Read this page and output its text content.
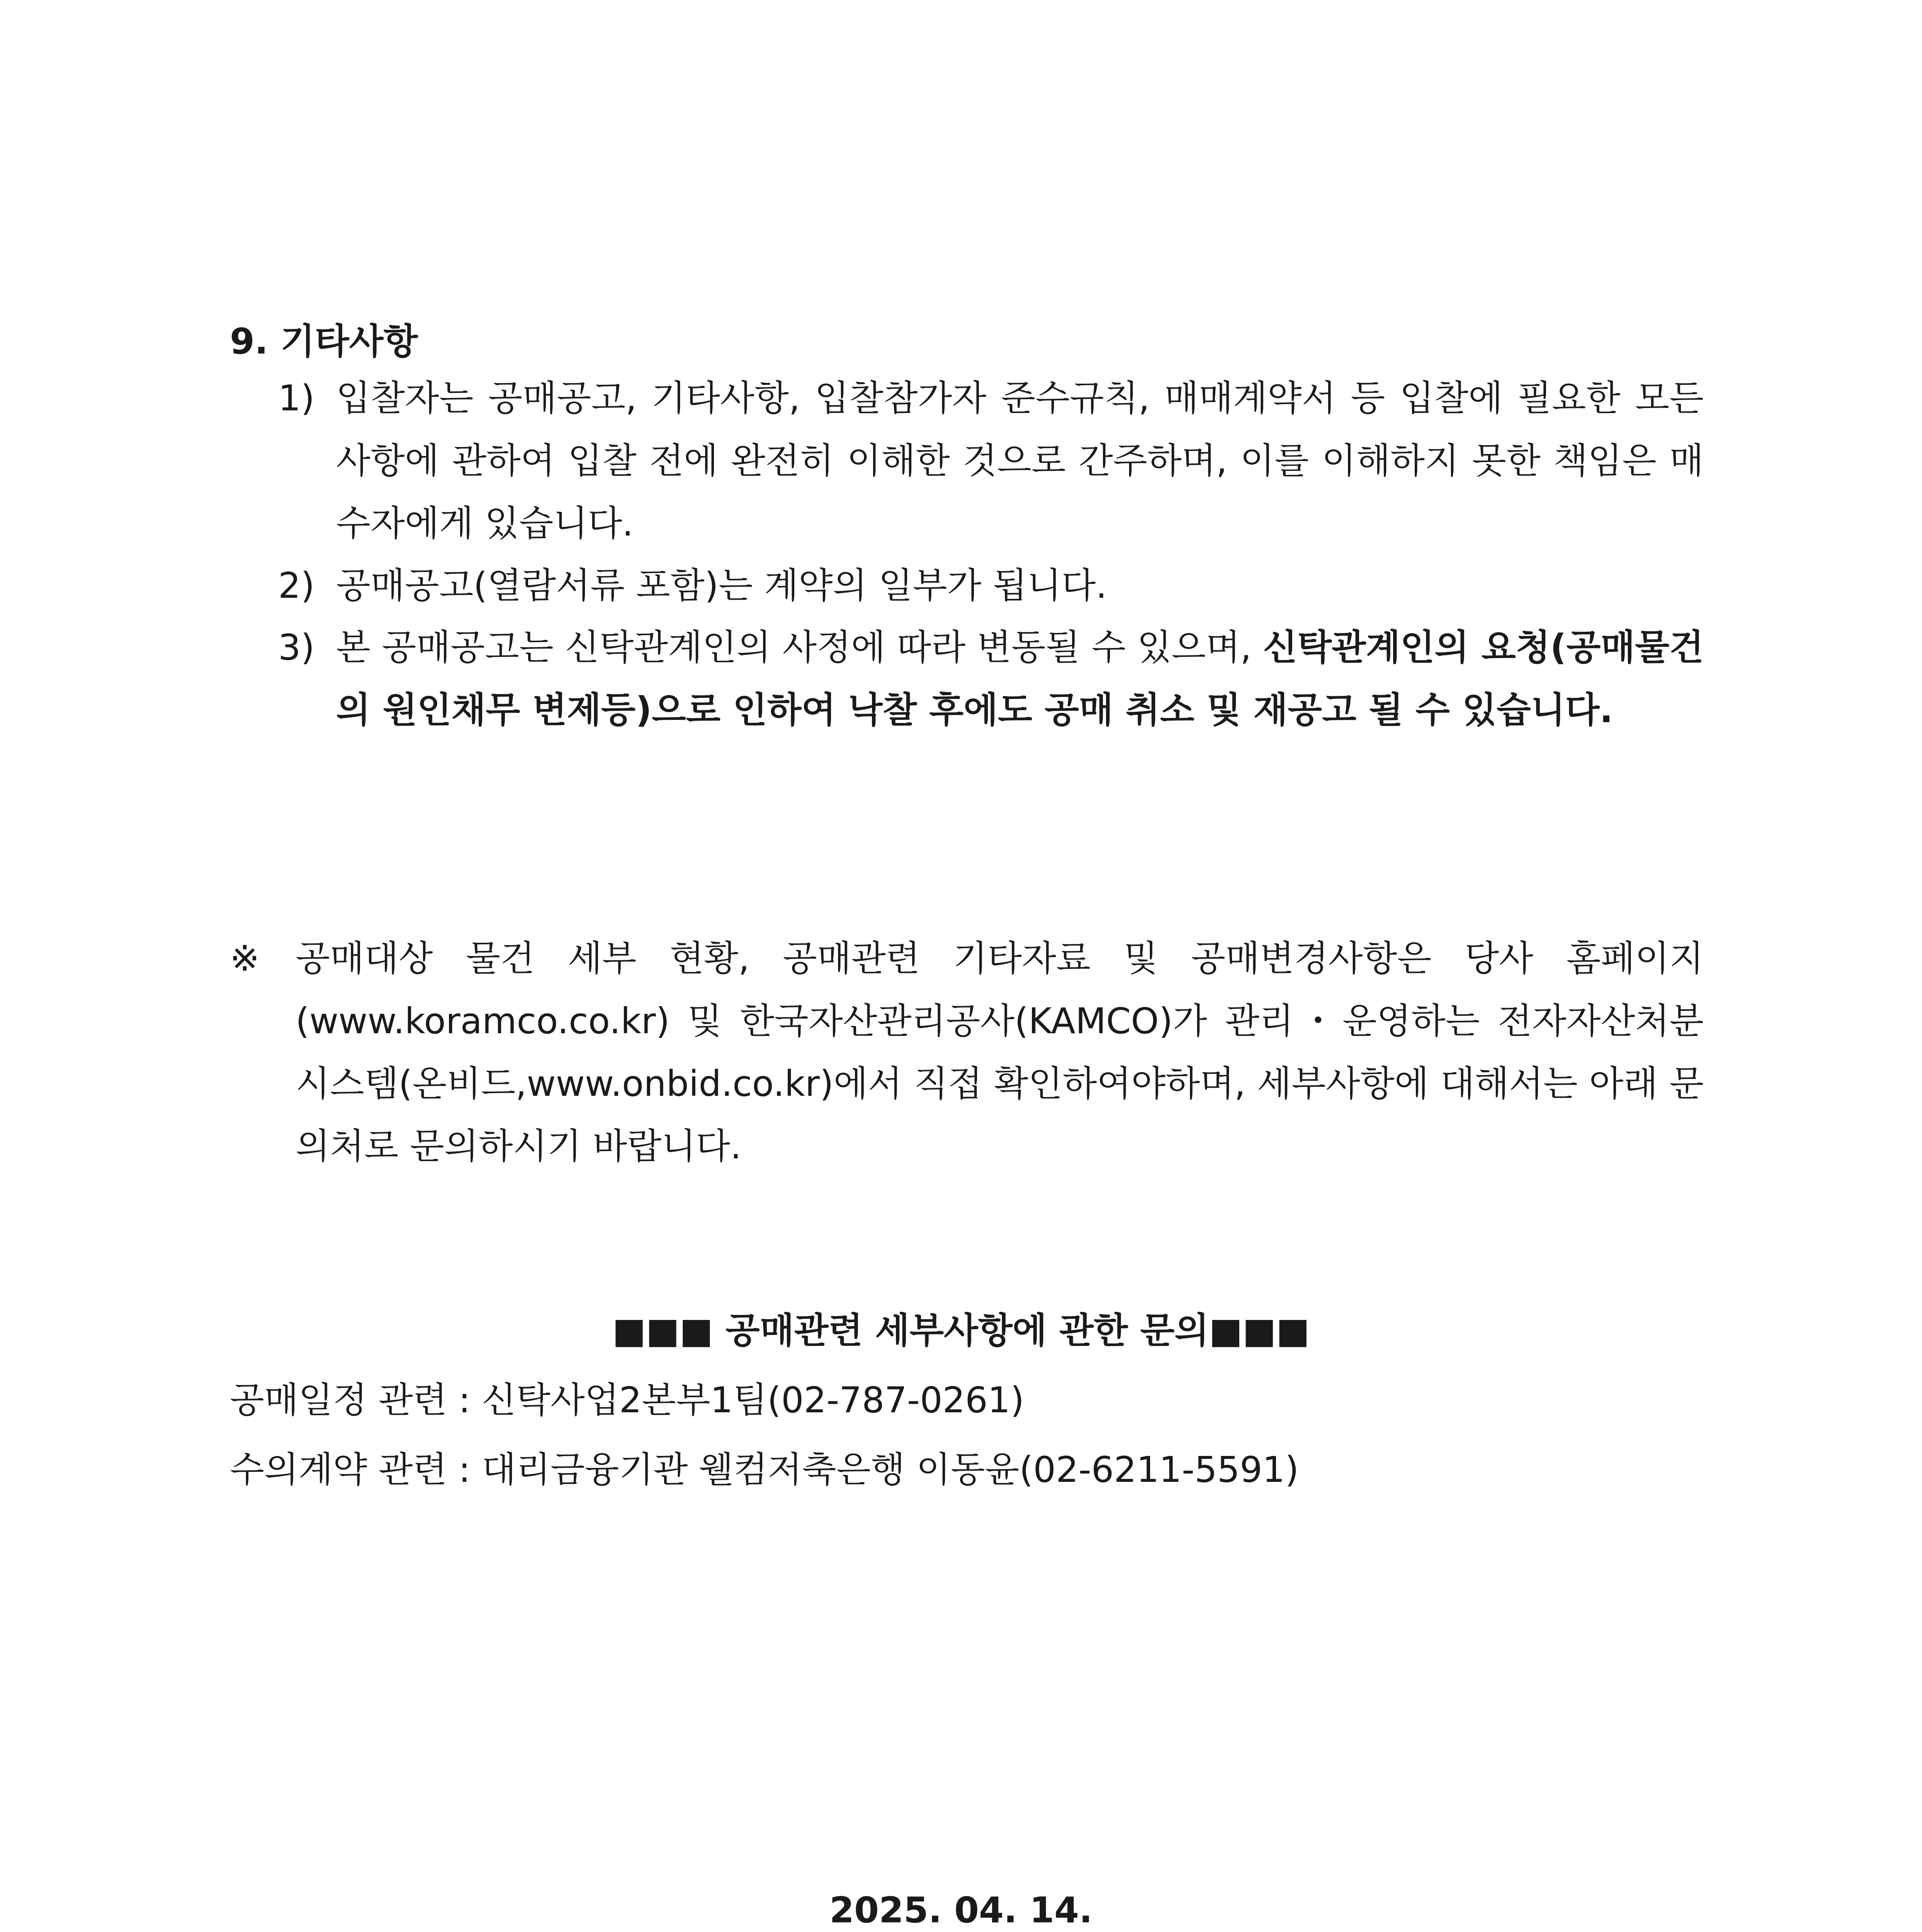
9. 기타사항
1) 입찰자는 공매공고, 기타사항, 입찰참가자 준수규칙, 매매계약서 등 입찰에 필요한 모든 사항에 관하여 입찰 전에 완전히 이해한 것으로 간주하며, 이를 이해하지 못한 책임은 매수자에게 있습니다.
2) 공매공고(열람서류 포함)는 계약의 일부가 됩니다.
3) 본 공매공고는 신탁관계인의 사정에 따라 변동될 수 있으며, 신탁관계인의 요청(공매물건의 원인채무 변제등)으로 인하여 낙찰 후에도 공매 취소 및 재공고 될 수 있습니다.
※ 공매대상 물건 세부 현황, 공매관련 기타자료 및 공매변경사항은 당사 홈페이지 (www.koramco.co.kr) 및 한국자산관리공사(KAMCO)가 관리・운영하는 전자자산처분 시스템(온비드,www.onbid.co.kr)에서 직접 확인하여야하며, 세부사항에 대해서는 아래 문의처로 문의하시기 바랍니다.
■■■ 공매관련 세부사항에 관한 문의■■■
공매일정 관련 : 신탁사업2본부1팀(02-787-0261)
수의계약 관련 : 대리금융기관 웰컴저축은행 이동윤(02-6211-5591)
2025. 04. 14.
